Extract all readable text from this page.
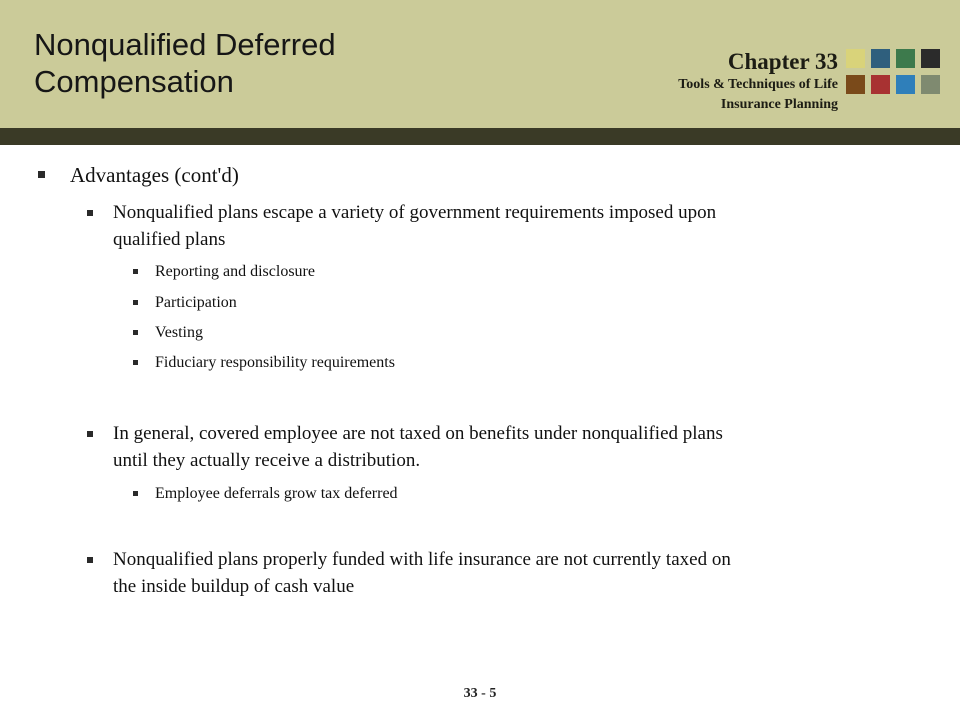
Nonqualified Deferred
Compensation
Chapter 33
Tools & Techniques of Life
Insurance Planning
Advantages (cont'd)
Nonqualified plans escape a variety of government requirements imposed upon
qualified plans
Reporting and disclosure
Participation
Vesting
Fiduciary responsibility requirements
In general, covered employee are not taxed on benefits under nonqualified plans
until they actually receive a distribution.
Employee deferrals grow tax deferred
Nonqualified plans properly funded with life insurance are not currently taxed on
the inside buildup of cash value
33 - 5
